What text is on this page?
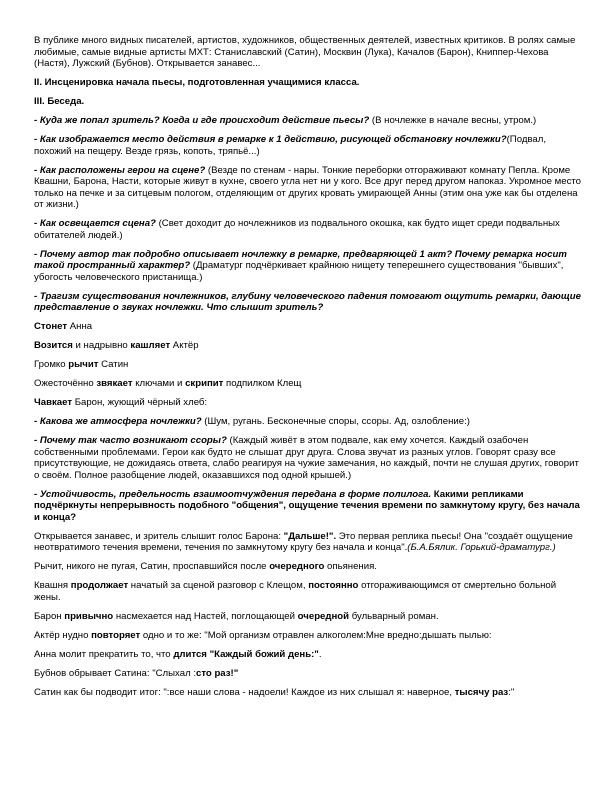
В публике много видных писателей, артистов, художников, общественных деятелей, известных критиков. В ролях самые любимые, самые видные артисты МХТ: Станиславский (Сатин), Москвин (Лука), Качалов (Барон), Книппер-Чехова (Настя), Лужский (Бубнов). Открывается занавес...

II. Инсценировка начала пьесы, подготовленная учащимися класса.

III. Беседа.

- Куда же попал зритель? Когда и где происходит действие пьесы? (В ночлежке в начале весны, утром.)

- Как изображается место действия в ремарке к 1 действию, рисующей обстановку ночлежки?(Подвал, похожий на пещеру. Везде грязь, копоть, тряпьё...)

- Как расположены герои на сцене? (Везде по стенам - нары. Тонкие переборки отгораживают комнату Пепла. Кроме Квашни, Барона, Насти, которые живут в кухне, своего угла нет ни у кого. Все друг перед другом напоказ. Укромное место только на печке и за ситцевым пологом, отделяющим от других кровать умирающей Анны (этим она уже как бы отделена от жизни.)

- Как освещается сцена? (Свет доходит до ночлежников из подвального окошка, как будто ищет среди подвальных обитателей людей.)

- Почему автор так подробно описывает ночлежку в ремарке, предваряющей 1 акт? Почему ремарка носит такой пространный характер? (Драматург подчёркивает крайнюю нищету теперешнего существования "бывших", убогость человеческого пристанища.)

- Трагизм существования ночлежников, глубину человеческого падения помогают ощутить ремарки, дающие представление о звуках ночлежки. Что слышит зритель?

Стонет Анна

Возится и надрывно кашляет Актёр

Громко рычит Сатин

Ожесточённо звякает ключами и скрипит подпилком Клещ

Чавкает Барон, жующий чёрный хлеб:

- Какова же атмосфера ночлежки? (Шум, ругань. Бесконечные споры, ссоры. Ад, озлобление:)

- Почему так часто возникают ссоры? (Каждый живёт в этом подвале, как ему хочется. Каждый озабочен собственными проблемами. Герои как будто не слышат друг друга. Слова звучат из разных углов. Говорят сразу все присутствующие, не дожидаясь ответа, слабо реагируя на чужие замечания, но каждый, почти не слушая других, говорит о своём. Полное разобщение людей, оказавшихся под одной крышей.)

- Устойчивость, предельность взаимоотчуждения передана в форме полилога. Какими репликами подчёркнуты непрерывность подобного "общения", ощущение течения времени по замкнутому кругу, без начала и конца?

Открывается занавес, и зритель слышит голос Барона: "Дальше!". Это первая реплика пьесы! Она "создаёт ощущение неотвратимого течения времени, течения по замкнутому кругу без начала и конца".(Б.А.Бялик. Горький-драматург.)

Рычит, никого не пугая, Сатин, проспавшийся после очередного опьянения.

Квашня продолжает начатый за сценой разговор с Клещом, постоянно отгораживающимся от смертельно больной жены.

Барон привычно насмехается над Настей, поглощающей очередной бульварный роман.

Актёр нудно повторяет одно и то же: "Мой организм отравлен алкоголем:Мне вредно:дышать пылью:

Анна молит прекратить то, что длится "Каждый божий день:".

Бубнов обрывает Сатина: "Слыхал :сто раз!"

Сатин как бы подводит итог: ":все наши слова - надоели! Каждое из них слышал я: наверное, тысячу раз:"
